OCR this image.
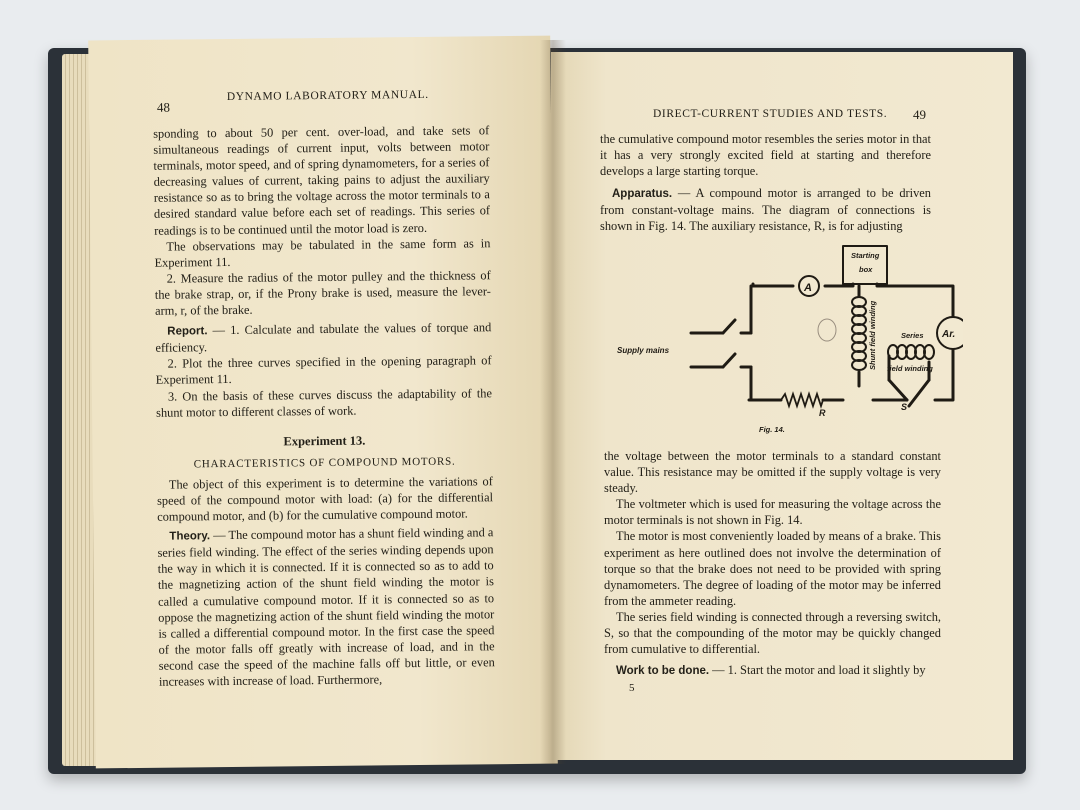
48
DYNAMO LABORATORY MANUAL.

sponding to about 50 per cent. over-load, and take sets of simultaneous readings of current input, volts between motor terminals, motor speed, and of spring dynamometers, for a series of decreasing values of current, taking pains to adjust the auxiliary resistance so as to bring the voltage across the motor terminals to a desired standard value before each set of readings. This series of readings is to be continued until the motor load is zero.

The observations may be tabulated in the same form as in Experiment 11.

2. Measure the radius of the motor pulley and the thickness of the brake strap, or, if the Prony brake is used, measure the lever-arm, r, of the brake.

Report. — 1. Calculate and tabulate the values of torque and efficiency.

2. Plot the three curves specified in the opening paragraph of Experiment 11.

3. On the basis of these curves discuss the adaptability of the shunt motor to different classes of work.

Experiment 13.

CHARACTERISTICS OF COMPOUND MOTORS.

The object of this experiment is to determine the variations of speed of the compound motor with load: (a) for the differential compound motor, and (b) for the cumulative compound motor.

Theory. — The compound motor has a shunt field winding and a series field winding. The effect of the series winding depends upon the way in which it is connected. If it is connected so as to add to the magnetizing action of the shunt field winding the motor is called a cumulative compound motor. If it is connected so as to oppose the magnetizing action of the shunt field winding the motor is called a differential compound motor. In the first case the speed of the motor falls off greatly with increase of load, and in the second case the speed of the machine falls off but little, or even increases with increase of load. Furthermore,

DIRECT-CURRENT STUDIES AND TESTS. 49

the cumulative compound motor resembles the series motor in that it has a very strongly excited field at starting and therefore develops a large starting torque.

Apparatus. — A compound motor is arranged to be driven from constant-voltage mains. The diagram of connections is shown in Fig. 14. The auxiliary resistance, R, is for adjusting

A
Ar.
Starting
box
Supply mains	Shunt field winding	Series
field winding
R
S
Fig. 14.

the voltage between the motor terminals to a standard constant value. This resistance may be omitted if the supply voltage is very steady.

The voltmeter which is used for measuring the voltage across the motor terminals is not shown in Fig. 14.

The motor is most conveniently loaded by means of a brake. This experiment as here outlined does not involve the determination of torque so that the brake does not need to be provided with spring dynamometers. The degree of loading of the motor may be inferred from the ammeter reading.

The series field winding is connected through a reversing switch, S, so that the compounding of the motor may be quickly changed from cumulative to differential.

Work to be done. — 1. Start the motor and load it slightly by

5
